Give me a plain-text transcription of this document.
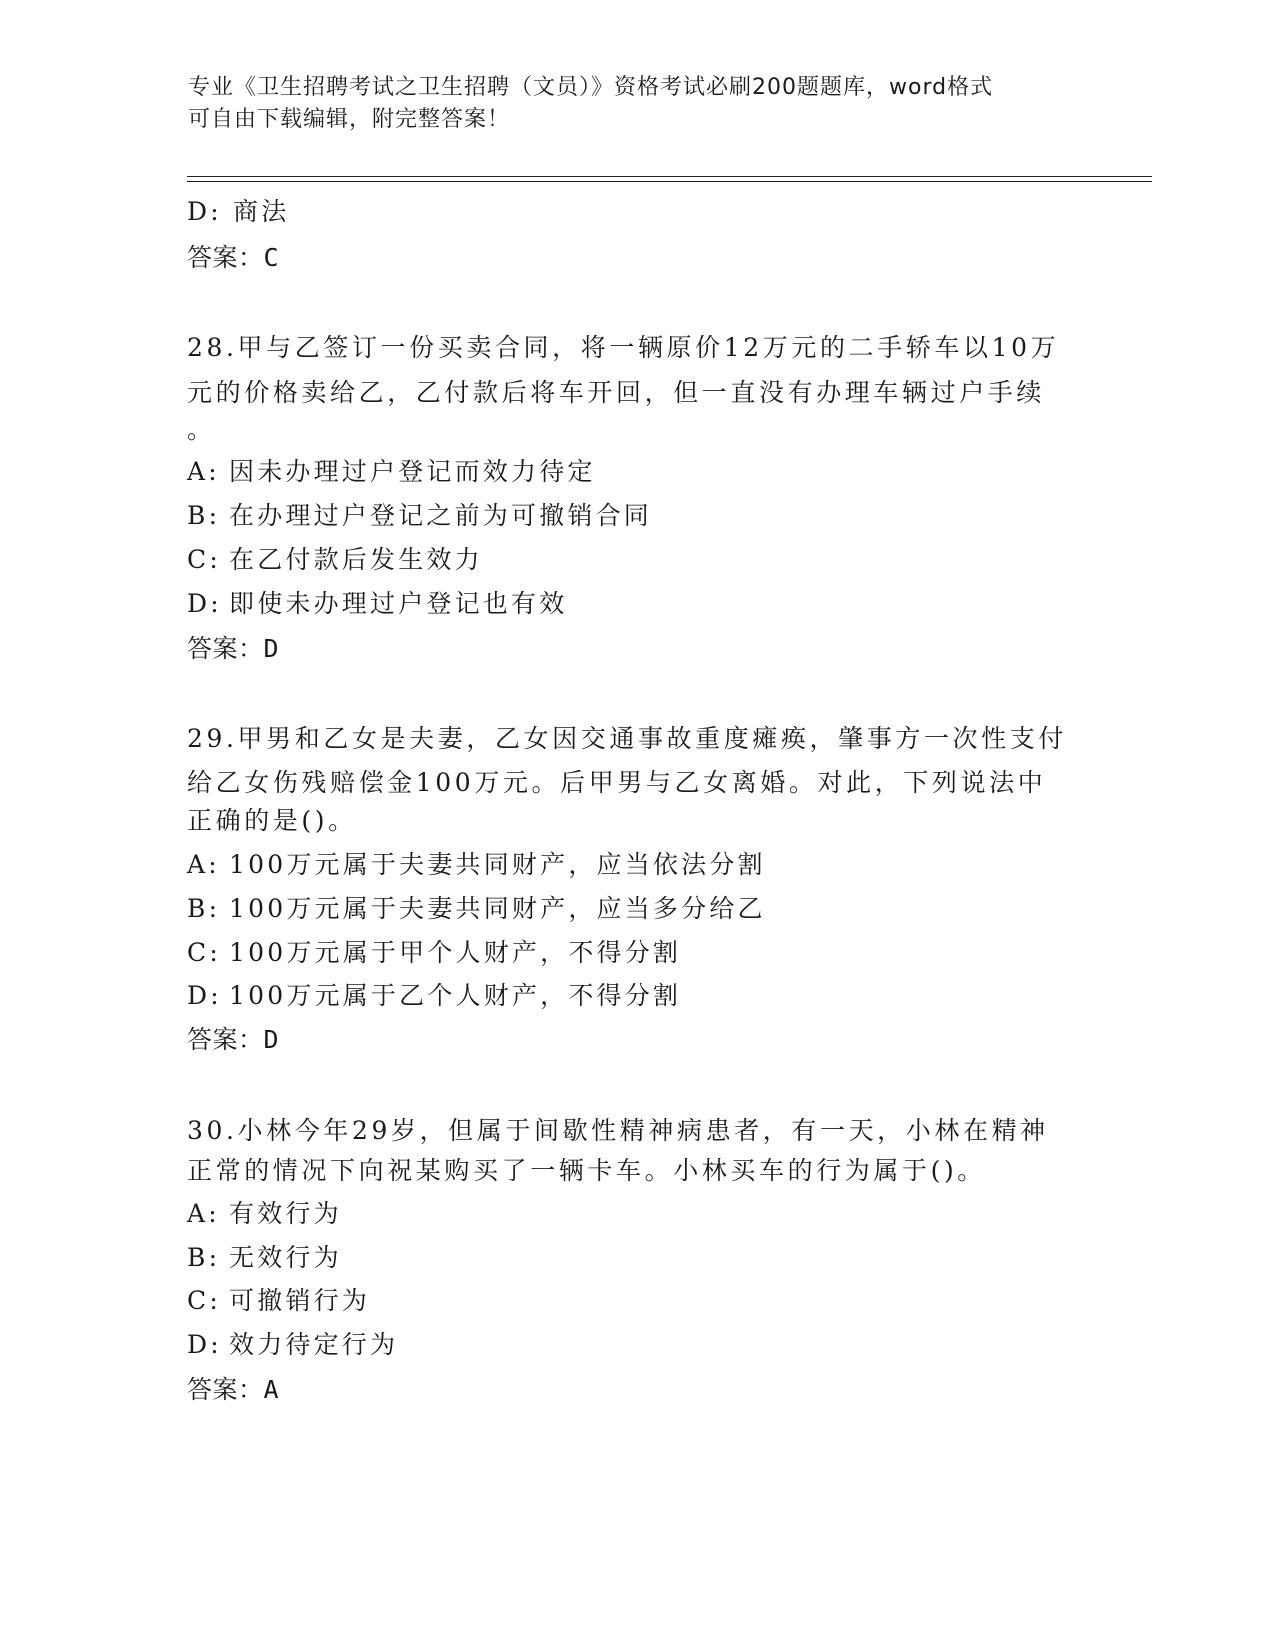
专业《卫生招聘考试之卫生招聘（文员）》资格考试必刷200题题库，word格式
可自由下载编辑，附完整答案！
D: 商法
答案：C
28.甲与乙签订一份买卖合同，将一辆原价12万元的二手轿车以10万
元的价格卖给乙，乙付款后将车开回，但一直没有办理车辆过户手续
。
A: 因未办理过户登记而效力待定
B: 在办理过户登记之前为可撤销合同
C: 在乙付款后发生效力
D: 即使未办理过户登记也有效
答案：D
29.甲男和乙女是夫妻，乙女因交通事故重度瘫痪，肇事方一次性支付
给乙女伤残赔偿金100万元。后甲男与乙女离婚。对此，下列说法中
正确的是()。
A: 100万元属于夫妻共同财产，应当依法分割
B: 100万元属于夫妻共同财产，应当多分给乙
C: 100万元属于甲个人财产，不得分割
D: 100万元属于乙个人财产，不得分割
答案：D
30.小林今年29岁，但属于间歇性精神病患者，有一天，小林在精神
正常的情况下向祝某购买了一辆卡车。小林买车的行为属于()。
A: 有效行为
B: 无效行为
C: 可撤销行为
D: 效力待定行为
答案：A
